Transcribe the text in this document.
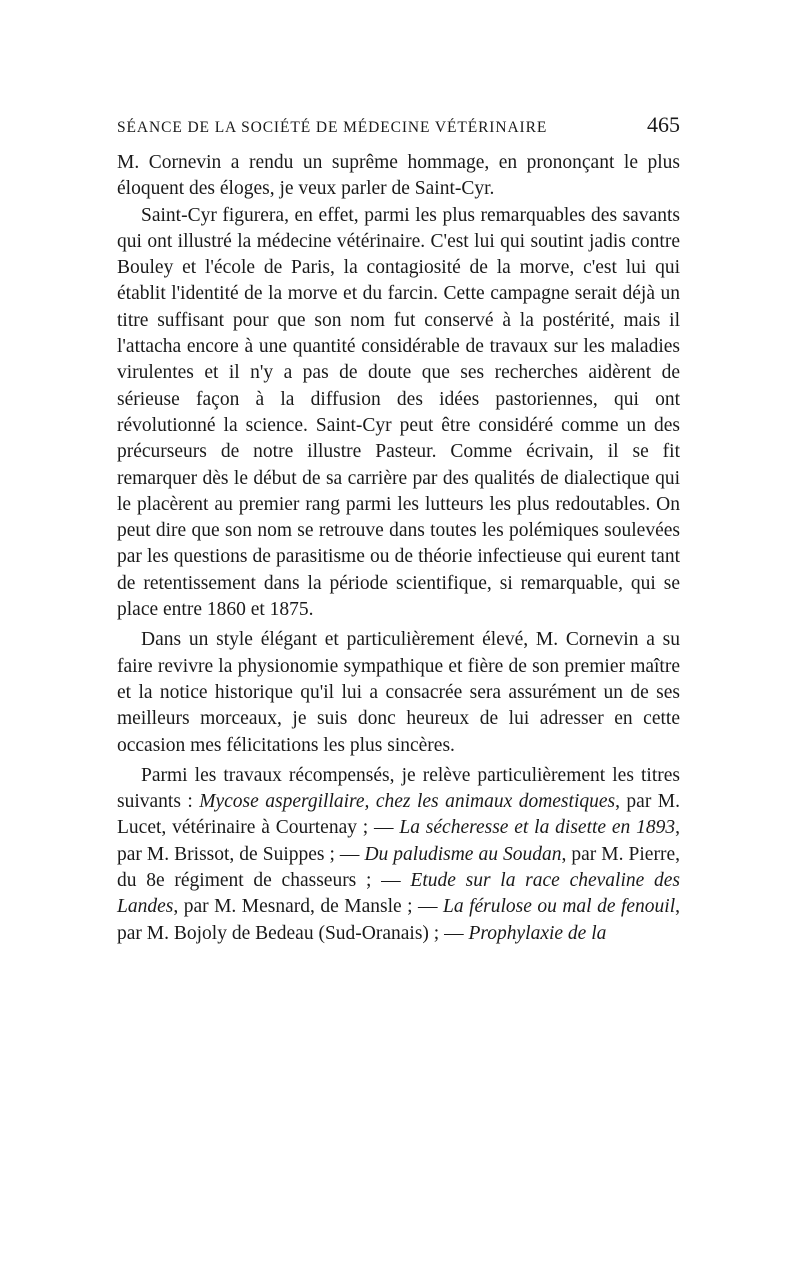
SÉANCE DE LA SOCIÉTÉ DE MÉDECINE VÉTÉRINAIRE	465

M. Cornevin a rendu un suprême hommage, en prononçant le plus éloquent des éloges, je veux parler de Saint-Cyr.

Saint-Cyr figurera, en effet, parmi les plus remarquables des savants qui ont illustré la médecine vétérinaire. C'est lui qui soutint jadis contre Bouley et l'école de Paris, la contagiosité de la morve, c'est lui qui établit l'identité de la morve et du farcin. Cette campagne serait déjà un titre suffisant pour que son nom fut conservé à la postérité, mais il l'attacha encore à une quantité considérable de travaux sur les maladies virulentes et il n'y a pas de doute que ses recherches aidèrent de sérieuse façon à la diffusion des idées pastoriennes, qui ont révolutionné la science. Saint-Cyr peut être considéré comme un des précurseurs de notre illustre Pasteur. Comme écrivain, il se fit remarquer dès le début de sa carrière par des qualités de dialectique qui le placèrent au premier rang parmi les lutteurs les plus redoutables. On peut dire que son nom se retrouve dans toutes les polémiques soulevées par les questions de parasitisme ou de théorie infectieuse qui eurent tant de retentissement dans la période scientifique, si remarquable, qui se place entre 1860 et 1875.

Dans un style élégant et particulièrement élevé, M. Cornevin a su faire revivre la physionomie sympathique et fière de son premier maître et la notice historique qu'il lui a consacrée sera assurément un de ses meilleurs morceaux, je suis donc heureux de lui adresser en cette occasion mes félicitations les plus sincères.

Parmi les travaux récompensés, je relève particulièrement les titres suivants : Mycose aspergillaire, chez les animaux domestiques, par M. Lucet, vétérinaire à Courtenay ; — La sécheresse et la disette en 1893, par M. Brissot, de Suippes ; — Du paludisme au Soudan, par M. Pierre, du 8e régiment de chasseurs ; — Etude sur la race chevaline des Landes, par M. Mesnard, de Mansle ; — La férulose ou mal de fenouil, par M. Bojoly de Bedeau (Sud-Oranais) ; — Prophylaxie de la
